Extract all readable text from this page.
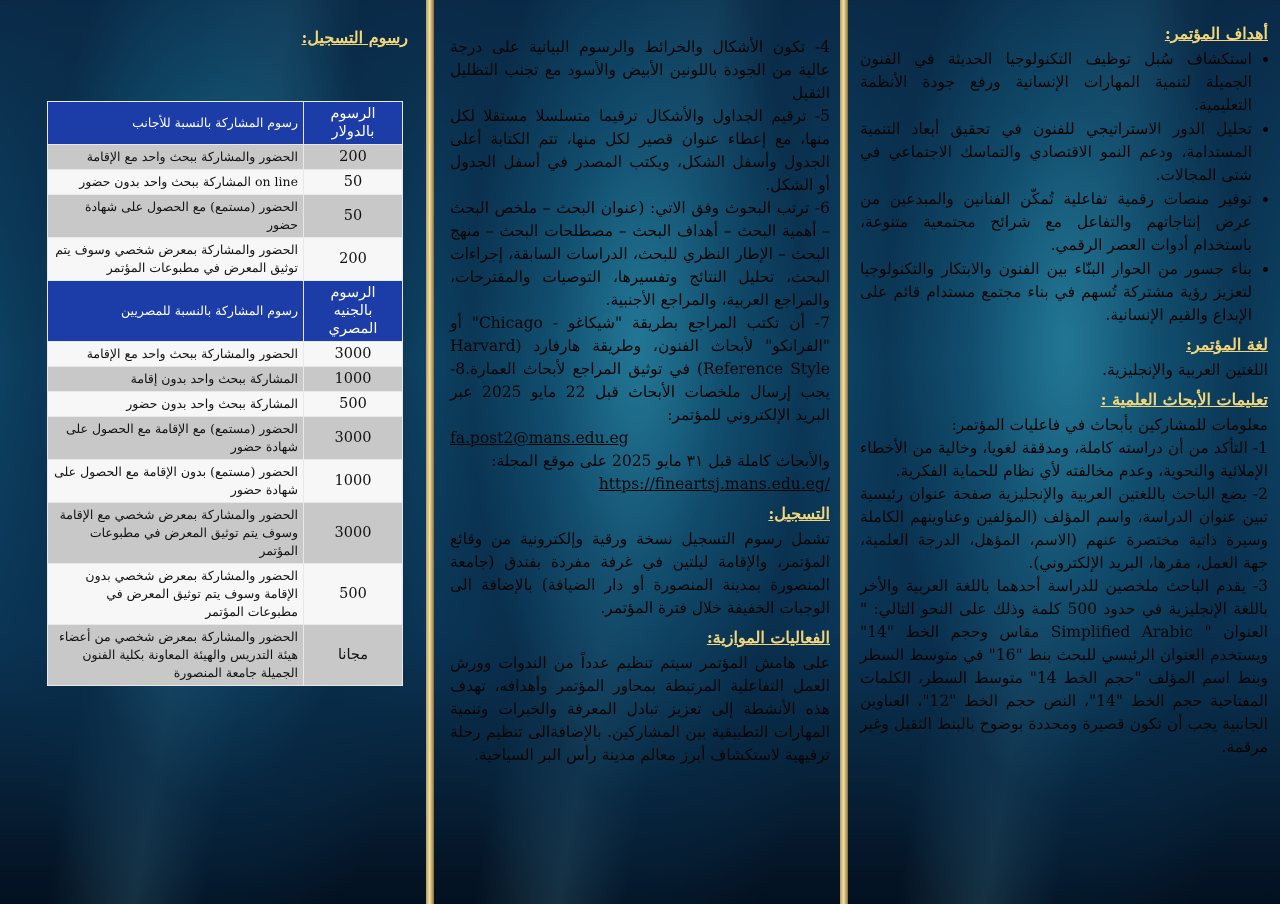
رسوم التسجيل:
الرسوم بالدولار	رسوم المشاركة بالنسبة للأجانب
200	الحضور والمشاركة ببحث واحد مع الإقامة
50	on line المشاركة ببحث واحد بدون حضور
50	الحضور (مستمع) مع الحصول على شهادة حضور
200	الحضور والمشاركة بمعرض شخصي وسوف يتم توثيق المعرض في مطبوعات المؤتمر
الرسوم بالجنيه المصري	رسوم المشاركة بالنسبة للمصريين
3000	الحضور والمشاركة ببحث واحد مع الإقامة
1000	المشاركة ببحث واحد بدون إقامة
500	المشاركة ببحث واحد بدون حضور
3000	الحضور (مستمع) مع الإقامة مع الحصول على شهادة حضور
1000	الحضور (مستمع) بدون الإقامة مع الحصول على شهادة حضور
3000	الحضور والمشاركة بمعرض شخصي مع الإقامة وسوف يتم توثيق المعرض في مطبوعات المؤتمر
500	الحضور والمشاركة بمعرض شخصي بدون الإقامة وسوف يتم توثيق المعرض في مطبوعات المؤتمر
مجانا	الحضور والمشاركة بمعرض شخصي من أعضاء هيئة التدريس والهيئة المعاونة بكلية الفنون الجميلة جامعة المنصورة

4- تكون الأشكال والخرائط والرسوم البيانية على درجة عالية من الجودة باللونين الأبيض والأسود مع تجنب التظليل الثقيل

5- ترقيم الجداول والأشكال ترقيما متسلسلا مستقلا لكل منها، مع إعطاء عنوان قصير لكل منها، تتم الكتابة أعلى الجدول وأسفل الشكل، ويكتب المصدر في أسفل الجدول أو الشكل.

6- ترتب البحوث وفق الاتي: (عنوان البحث – ملخص البحث – أهمية البحث – أهداف البحث – مصطلحات البحث – منهج البحث – الإطار النظري للبحث، الدراسات السابقة، إجراءات البحث، تحليل النتائج وتفسيرها، التوصيات والمقترحات، والمراجع العربية، والمراجع الأجنبية.

7- أن تكتب المراجع بطريقة "شيكاغو - Chicago" أو "الفرانكو" لأبحاث الفنون، وطريقة هارفارد (Harvard Reference Style) في توثيق المراجع لأبحاث العمارة.8- يجب إرسال ملخصات الأبحاث قبل 22 مايو 2025 عبر البريد الإلكتروني للمؤتمر:

fa.post2@mans.edu.eg

والأبحاث كاملة قبل ٣١ مايو 2025 على موقع المجلة:

https://fineartsj.mans.edu.eg/

التسجيل:

تشمل رسوم التسجيل نسخة ورقية وإلكترونية من وقائع المؤتمر، والإقامة ليلتين في غرفة مفردة بفندق (جامعة المنصورة بمدينة المنصورة أو دار الضيافة) بالإضافة الى الوجبات الخفيفة خلال فترة المؤتمر.

الفعاليات الموازية:

على هامش المؤتمر سيتم تنظيم عدداً من الندوات وورش العمل التفاعلية المرتبطة بمحاور المؤتمر وأهدافه، تهدف هذه الأنشطة إلى تعزيز تبادل المعرفة والخبرات وتنمية المهارات التطبيقية بين المشاركين. بالإضافةالى تنظيم رحلة ترفيهية لاستكشاف أبرز معالم مدينة رأس البر السياحية.

أهداف المؤتمر:
• استكشاف سُبل توظيف التكنولوجيا الحديثة في الفنون الجميلة لتنمية المهارات الإنسانية ورفع جودة الأنظمة التعليمية.
• تحليل الدور الاستراتيجي للفنون في تحقيق أبعاد التنمية المستدامة، ودعم النمو الاقتصادي والتماسك الاجتماعي في شتى المجالات.
• توفير منصات رقمية تفاعلية تُمكّن الفنانين والمبدعين من عرض إنتاجاتهم والتفاعل مع شرائح مجتمعية متنوعة، باستخدام أدوات العصر الرقمي.
• بناء جسور من الحوار البنّاء بين الفنون والابتكار والتكنولوجيا لتعزيز رؤية مشتركة تُسهم في بناء مجتمع مستدام قائم على الإبداع والقيم الإنسانية.
لغة المؤتمر:

اللغتين العربية والإنجليزية.

تعليمات الأبحاث العلمية :

معلومات للمشاركين بأبحاث في فاعليات المؤتمر:

1- التأكد من أن دراسته كاملة، ومدققة لغويا، وخالية من الأخطاء الإملائية والنحوية، وعدم مخالفته لأي نظام للحماية الفكرية.

2- يضع الباحث باللغتين العربية والإنجليزية صفحة عنوان رئيسية تبين عنوان الدراسة، واسم المؤلف (المؤلفين وعناوينهم الكاملة وسيرة ذاتية مختصرة عنهم (الاسم، المؤهل، الدرجة العلمية، جهة العمل، مقرها، البريد الإلكتروني).

3- يقدم الباحث ملخصين للدراسة أحدهما باللغة العربية والأخر باللغة الإنجليزية في حدود 500 كلمة وذلك على النحو التالي: " العنوان " Simplified Arabic مقاس وحجم الخط "14" ويستخدم العنوان الرئيسي للبحث بنط "16" في متوسط السطر وبنط اسم المؤلف "حجم الخط 14" متوسط السطر، الكلمات المفتاحية حجم الخط "14"، النص حجم الخط "12"، العناوين الجانبية يجب أن تكون قصيرة ومحددة بوضوح بالبنط الثقيل وغير مرقمة.
